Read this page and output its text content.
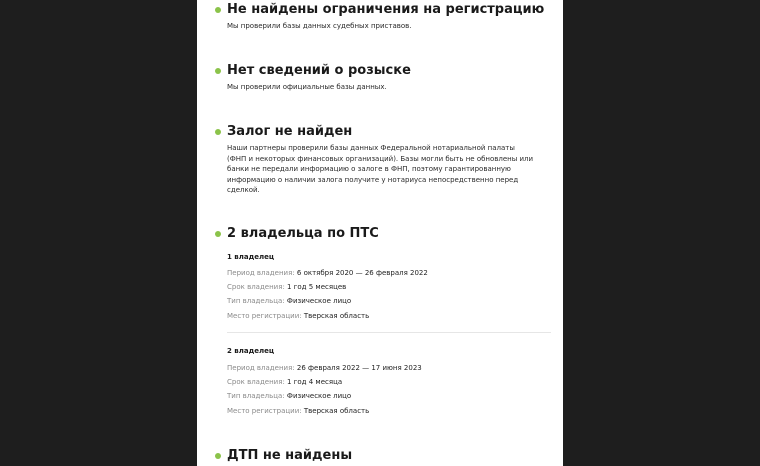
Не найдены ограничения на регистрацию
Мы проверили базы данных судебных приставов.
Нет сведений о розыске
Мы проверили официальные базы данных.
Залог не найден
Наши партнеры проверили базы данных Федеральной нотариальной палаты (ФНП и некоторых финансовых организаций). Базы могли быть не обновлены или банки не передали информацию о залоге в ФНП, поэтому гарантированную информацию о наличии залога получите у нотариуса непосредственно перед сделкой.
2 владельца по ПТС
1 владелец
Период владения: 6 октября 2020 — 26 февраля 2022
Срок владения: 1 год 5 месяцев
Тип владельца: Физическое лицо
Место регистрации: Тверская область
2 владелец
Период владения: 26 февраля 2022 — 17 июня 2023
Срок владения: 1 год 4 месяца
Тип владельца: Физическое лицо
Место регистрации: Тверская область
ДТП не найдены
